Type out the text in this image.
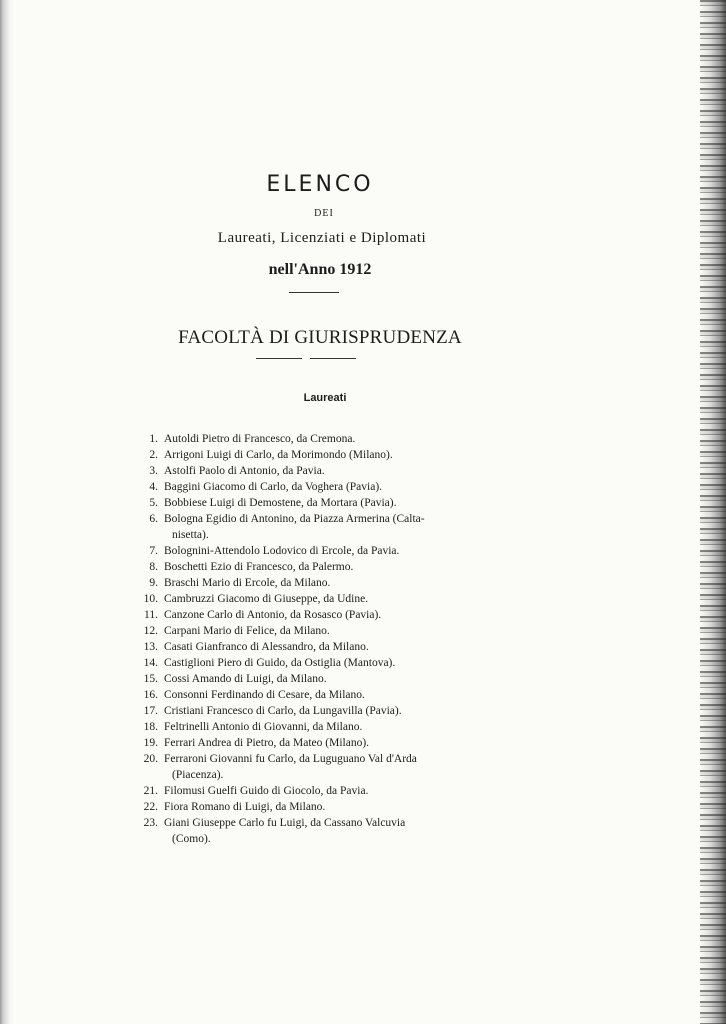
ELENCO
DEI
Laureati, Licenziati e Diplomati
nell'Anno 1912
FACOLTÀ DI GIURISPRUDENZA
Laureati
1. Autoldi Pietro di Francesco, da Cremona.
2. Arrigoni Luigi di Carlo, da Morimondo (Milano).
3. Astolfi Paolo di Antonio, da Pavia.
4. Baggini Giacomo di Carlo, da Voghera (Pavia).
5. Bobbiese Luigi di Demostene, da Mortara (Pavia).
6. Bologna Egidio di Antonino, da Piazza Armerina (Calta-
nisetta).
7. Bolognini-Attendolo Lodovico di Ercole, da Pavia.
8. Boschetti Ezio di Francesco, da Palermo.
9. Braschi Mario di Ercole, da Milano.
10. Cambruzzi Giacomo di Giuseppe, da Udine.
11. Canzone Carlo di Antonio, da Rosasco (Pavia).
12. Carpani Mario di Felice, da Milano.
13. Casati Gianfranco di Alessandro, da Milano.
14. Castiglioni Piero di Guido, da Ostiglia (Mantova).
15. Cossi Amando di Luigi, da Milano.
16. Consonni Ferdinando di Cesare, da Milano.
17. Cristiani Francesco di Carlo, da Lungavilla (Pavia).
18. Feltrinelli Antonio di Giovanni, da Milano.
19. Ferrari Andrea di Pietro, da Mateo (Milano).
20. Ferraroni Giovanni fu Carlo, da Luguguano Val d'Arda
(Piacenza).
21. Filomusi Guelfi Guido di Giocolo, da Pavia.
22. Fiora Romano di Luigi, da Milano.
23. Giani Giuseppe Carlo fu Luigi, da Cassano Valcuvia
(Como).
